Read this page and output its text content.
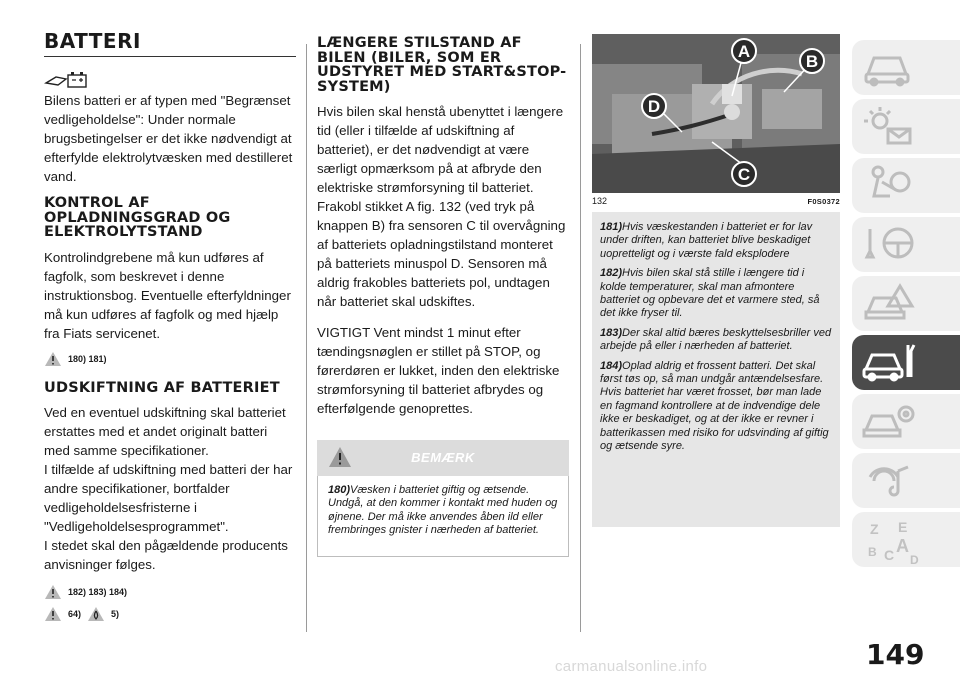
BATTERI

Bilens batteri er af typen med "Begrænset vedligeholdelse": Under normale brugsbetingelser er det ikke nødvendigt at efterfylde elektrolytvæsken med destilleret vand.

KONTROL AF OPLADNINGSGRAD OG ELEKTROLYTSTAND

Kontrolindgrebene må kun udføres af fagfolk, som beskrevet i denne instruktionsbog. Eventuelle efterfyldninger må kun udføres af fagfolk og med hjælp fra Fiats servicenet.

180) 181)
UDSKIFTNING AF BATTERIET

Ved en eventuel udskiftning skal batteriet erstattes med et andet originalt batteri med samme specifikationer.

I tilfælde af udskiftning med batteri der har andre specifikationer, bortfalder vedligeholdelsesfristerne i "Vedligeholdelsesprogrammet".

I stedet skal den pågældende producents anvisninger følges.

182) 183) 184)
64)	5)
LÆNGERE STILSTAND AF BILEN (BILER, SOM ER UDSTYRET MED START&STOP-SYSTEM)

Hvis bilen skal henstå ubenyttet i længere tid (eller i tilfælde af udskiftning af batteriet), er det nødvendigt at være særligt opmærksom på at afbryde den elektriske strømforsyning til batteriet.

Frakobl stikket A fig. 132 (ved tryk på knappen B) fra sensoren C til overvågning af batteriets opladningstilstand monteret på batteriets minuspol D. Sensoren må aldrig frakobles batteriets pol, undtagen når batteriet skal udskiftes.

VIGTIGT Vent mindst 1 minut efter tændingsnøglen er stillet på STOP, og førerdøren er lukket, inden den elektriske strømforsyning til batteriet afbrydes og efterfølgende genoprettes.

BEMÆRK

180)Væsken i batteriet giftig og ætsende. Undgå, at den kommer i kontakt med huden og øjnene. Der må ikke anvendes åben ild eller frembringes gnister i nærheden af batteriet.

A
B
D
C
132	F0S0372

181)Hvis væskestanden i batteriet er for lav under driften, kan batteriet blive beskadiget uopretteligt og i værste fald eksplodere

182)Hvis bilen skal stå stille i længere tid i kolde temperaturer, skal man afmontere batteriet og opbevare det et varmere sted, så det ikke fryser til.

183)Der skal altid bæres beskyttelsesbriller ved arbejde på eller i nærheden af batteriet.

184)Oplad aldrig et frossent batteri. Det skal først tøs op, så man undgår antændelsesfare. Hvis batteriet har været frosset, bør man lade en fagmand kontrollere at de indvendige dele ikke er beskadiget, og at der ikke er revner i batterikassen med risiko for udsvinding af giftig og ætsende syre.

Z E
B C A
D
149
carmanualsonline.info
